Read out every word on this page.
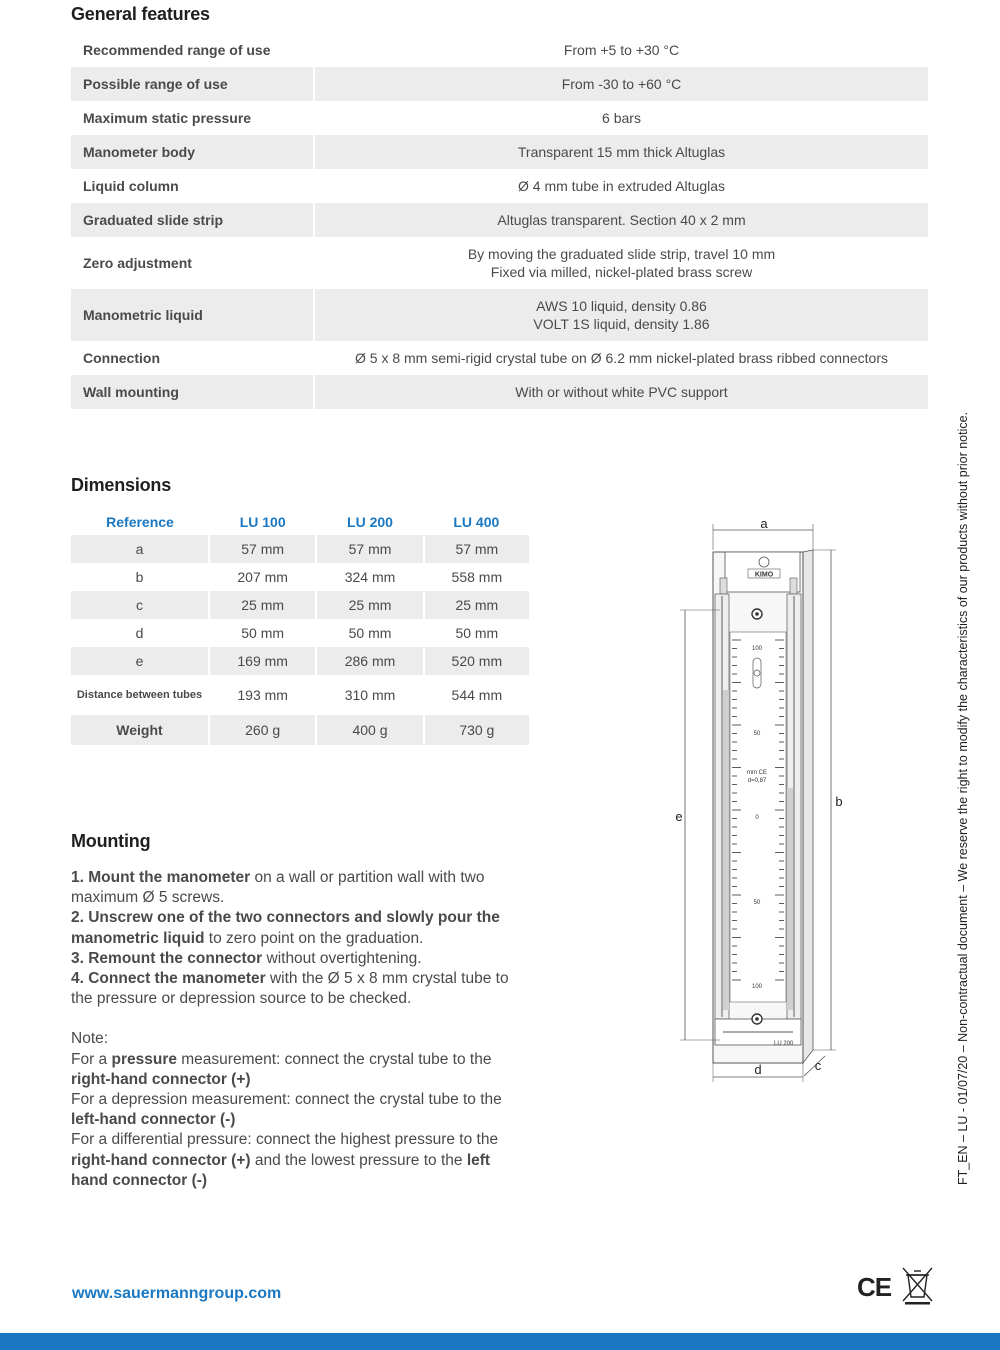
General features
Recommended range of use	From +5 to +30 °C

Possible range of use	From -30 to +60 °C

Maximum static pressure	6 bars

Manometer body	Transparent 15 mm thick Altuglas

Liquid column	Ø 4 mm tube in extruded Altuglas

Graduated slide strip	Altuglas transparent. Section 40 x 2 mm

Zero adjustment	By moving the graduated slide strip, travel 10 mm
Fixed via milled, nickel-plated brass screw

Manometric liquid	AWS 10 liquid, density 0.86
VOLT 1S liquid, density 1.86

Connection	Ø 5 x 8 mm semi-rigid crystal tube on Ø 6.2 mm nickel-plated brass ribbed connectors

Wall mounting	With or without white PVC support
Dimensions
Reference	LU 100	LU 200	LU 400
a	57 mm	57 mm	57 mm
b	207 mm	324 mm	558 mm
c	25 mm	25 mm	25 mm
d	50 mm	50 mm	50 mm
e	169 mm	286 mm	520 mm
Distance between tubes	193 mm	310 mm	544 mm
Weight	260 g	400 g	730 g
Mounting

1. Mount the manometer on a wall or partition wall with two maximum Ø 5 screws.

2. Unscrew one of the two connectors and slowly pour the manometric liquid to zero point on the graduation.

3. Remount the connector without overtightening.

4. Connect the manometer with the Ø 5 x 8 mm crystal tube to the pressure or depression source to be checked.

Note:

For a pressure measurement: connect the crystal tube to the right-hand connector (+)

For a depression measurement: connect the crystal tube to the left-hand connector (-)

For a differential pressure: connect the highest pressure to the right-hand connector (+) and the lowest pressure to the left hand connector (-)

a
KIMO
100
50
mm CE
d=0,87
0
50
100
LU 200
e
b
d	c	FT_EN – LU - 01/07/20 – Non-contractual document – We reserve the right to modify the characteristics of our products without prior notice.
CE
www.sauermanngroup.com
